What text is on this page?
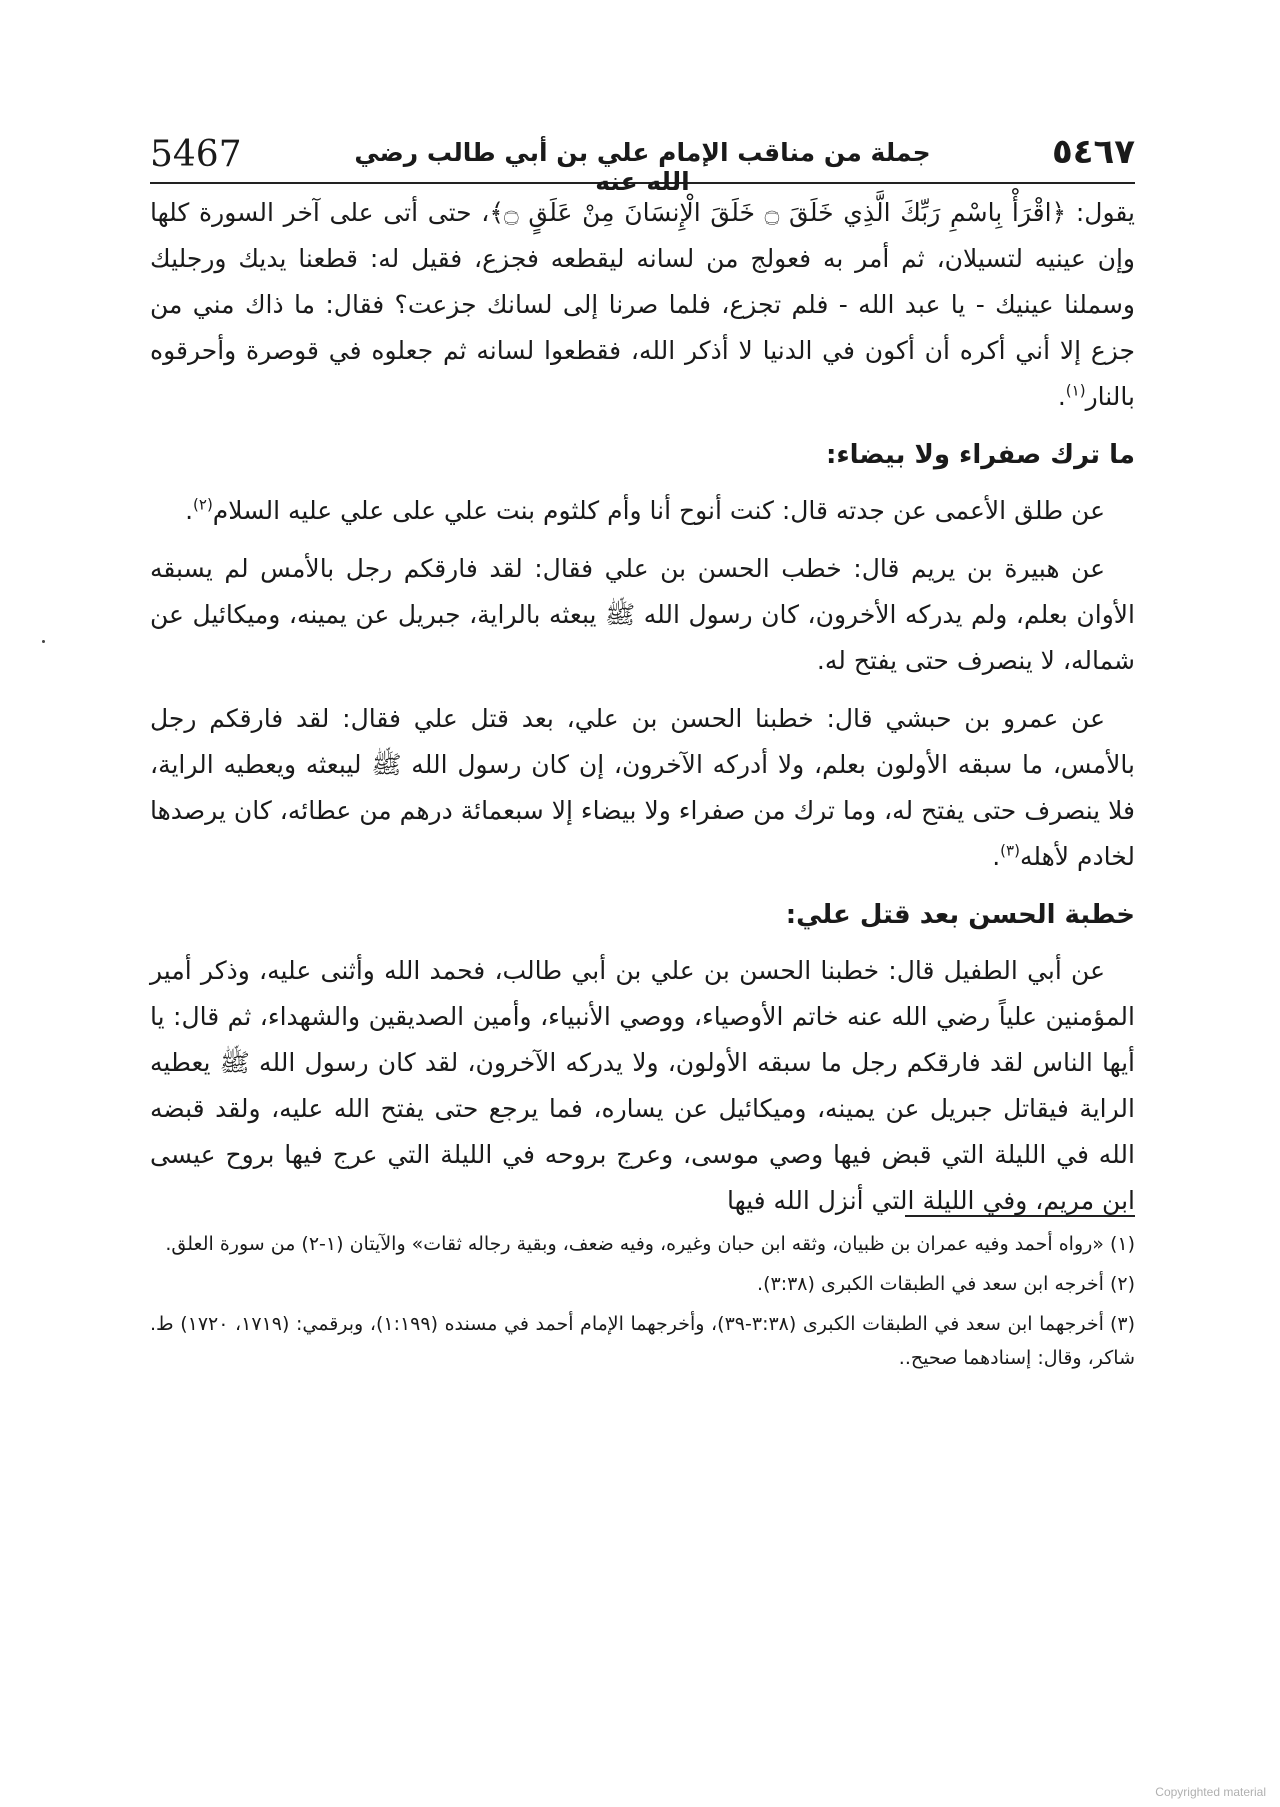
5467	جملة من مناقب الإمام علي بن أبي طالب رضي الله عنه
٥٤٦٧

يقول: ﴿اقْرَأْ بِاسْمِ رَبِّكَ الَّذِي خَلَقَ ۝ خَلَقَ الْإِنسَانَ مِنْ عَلَقٍ ۝﴾، حتى أتى على آخر السورة كلها وإن عينيه لتسيلان، ثم أمر به فعولج من لسانه ليقطعه فجزع، فقيل له: قطعنا يديك ورجليك وسملنا عينيك - يا عبد الله - فلم تجزع، فلما صرنا إلى لسانك جزعت؟ فقال: ما ذاك مني من جزع إلا أني أكره أن أكون في الدنيا لا أذكر الله، فقطعوا لسانه ثم جعلوه في قوصرة وأحرقوه بالنار$^{(١)}$.

ما ترك صفراء ولا بيضاء:

عن طلق الأعمى عن جدته قال: كنت أنوح أنا وأم كلثوم بنت علي على علي عليه السلام$^{(٢)}$.

عن هبيرة بن يريم قال: خطب الحسن بن علي فقال: لقد فارقكم رجل بالأمس لم يسبقه الأوان بعلم، ولم يدركه الأخرون، كان رسول الله ﷺ يبعثه بالراية، جبريل عن يمينه، وميكائيل عن شماله، لا ينصرف حتى يفتح له.

عن عمرو بن حبشي قال: خطبنا الحسن بن علي، بعد قتل علي فقال: لقد فارقكم رجل بالأمس، ما سبقه الأولون بعلم، ولا أدركه الآخرون، إن كان رسول الله ﷺ ليبعثه ويعطيه الراية، فلا ينصرف حتى يفتح له، وما ترك من صفراء ولا بيضاء إلا سبعمائة درهم من عطائه، كان يرصدها لخادم لأهله$^{(٣)}$.

خطبة الحسن بعد قتل علي:

عن أبي الطفيل قال: خطبنا الحسن بن علي بن أبي طالب، فحمد الله وأثنى عليه، وذكر أمير المؤمنين علياً رضي الله عنه خاتم الأوصياء، ووصي الأنبياء، وأمين الصديقين والشهداء، ثم قال: يا أيها الناس لقد فارقكم رجل ما سبقه الأولون، ولا يدركه الآخرون، لقد كان رسول الله ﷺ يعطيه الراية فيقاتل جبريل عن يمينه، وميكائيل عن يساره، فما يرجع حتى يفتح الله عليه، ولقد قبضه الله في الليلة التي قبض فيها وصي موسى، وعرج بروحه في الليلة التي عرج فيها بروح عيسى ابن مريم، وفي الليلة التي أنزل الله فيها

(١)«رواه أحمد وفيه عمران بن ظبيان، وثقه ابن حبان وغيره، وفيه ضعف، وبقية رجاله ثقات» والآيتان (١-٢) من سورة العلق.

(٢)أخرجه ابن سعد في الطبقات الكبرى (٣:٣٨).

(٣)أخرجهما ابن سعد في الطبقات الكبرى (٣:٣٨-٣٩)، وأخرجهما الإمام أحمد في مسنده (١:١٩٩)، وبرقمي: (١٧١٩، ١٧٢٠) ط. شاكر، وقال: إسنادهما صحيح..

Copyrighted material
